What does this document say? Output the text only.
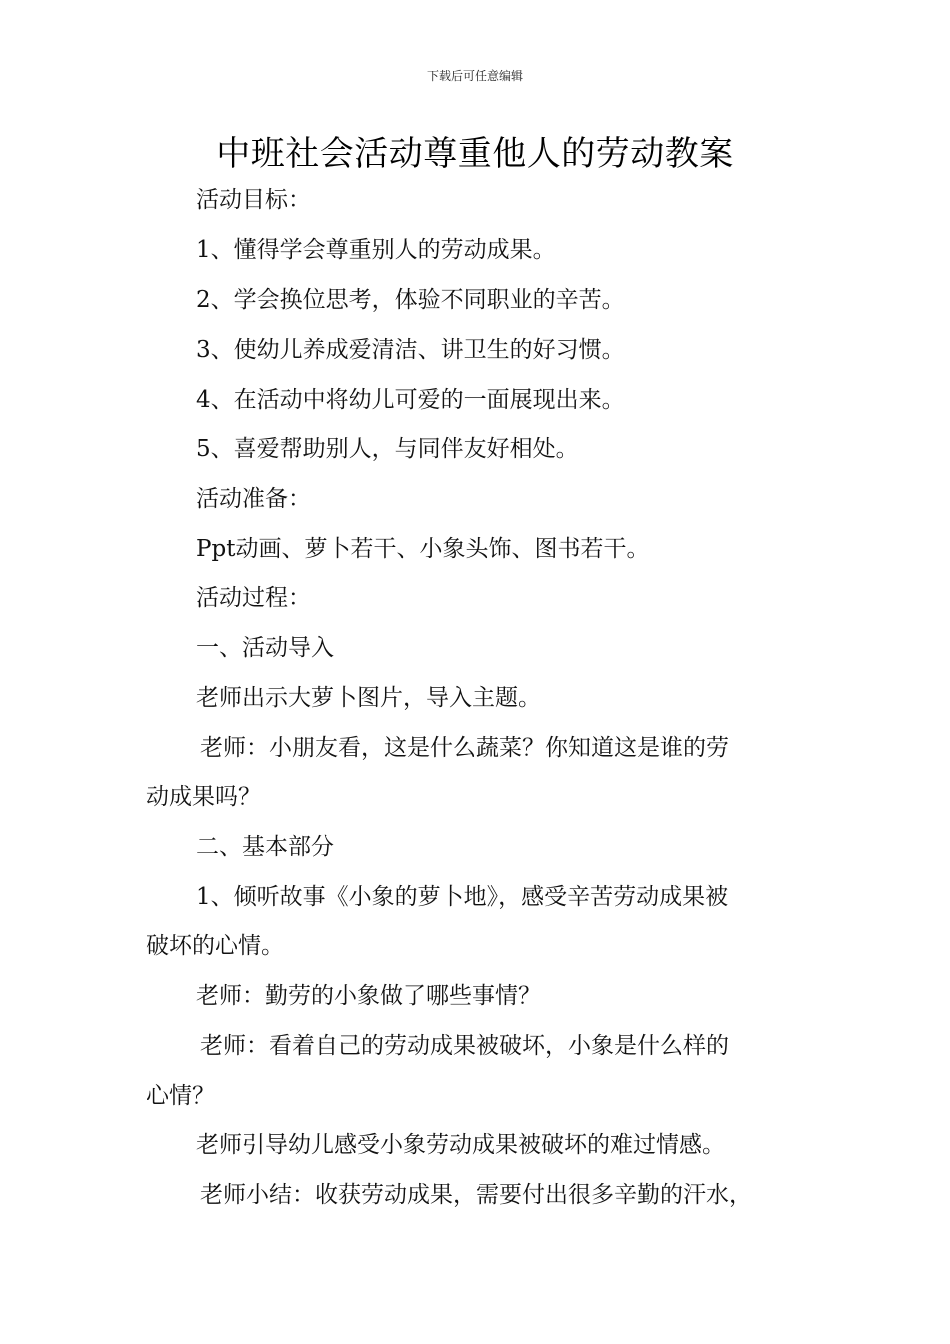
下载后可任意编辑
中班社会活动尊重他人的劳动教案
活动目标：
1、懂得学会尊重别人的劳动成果。
2、学会换位思考，体验不同职业的辛苦。
3、使幼儿养成爱清洁、讲卫生的好习惯。
4、在活动中将幼儿可爱的一面展现出来。
5、喜爱帮助别人，与同伴友好相处。
活动准备：
Ppt动画、萝卜若干、小象头饰、图书若干。
活动过程：
一、活动导入
老师出示大萝卜图片，导入主题。
老师：小朋友看，这是什么蔬菜？你知道这是谁的劳
动成果吗？
二、基本部分
1、倾听故事《小象的萝卜地》，感受辛苦劳动成果被
破坏的心情。
老师：勤劳的小象做了哪些事情？
老师：看着自己的劳动成果被破坏，小象是什么样的
心情？
老师引导幼儿感受小象劳动成果被破坏的难过情感。
老师小结：收获劳动成果，需要付出很多辛勤的汗水，
